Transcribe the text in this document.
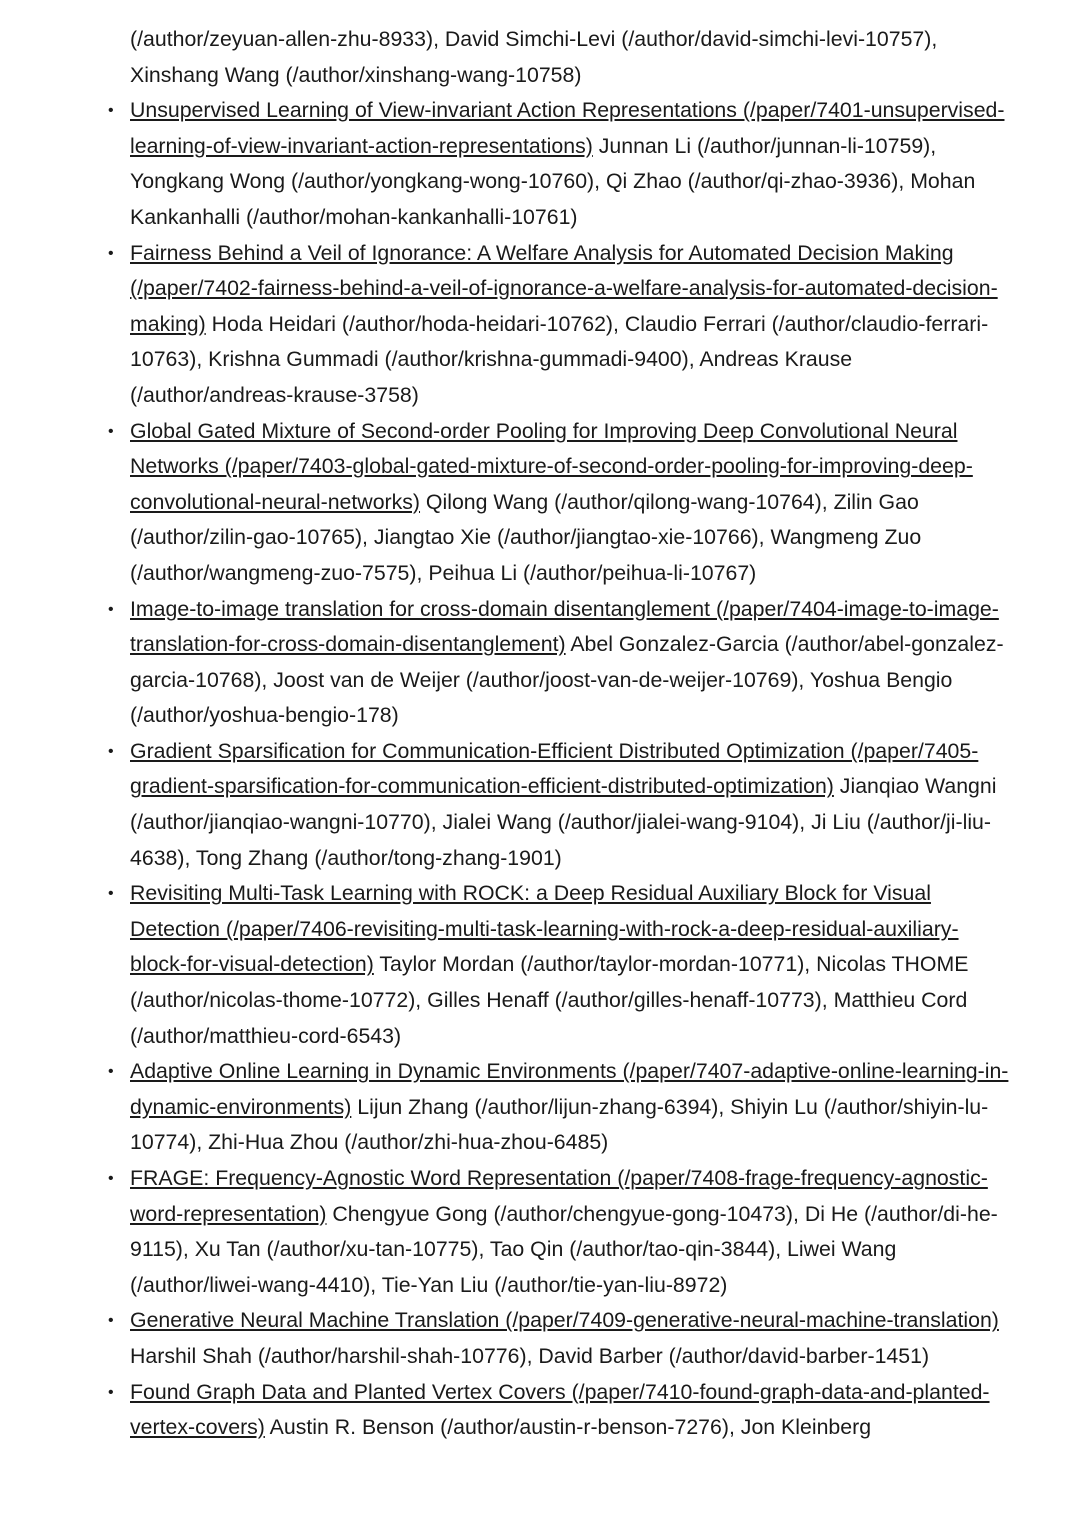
(/author/zeyuan-allen-zhu-8933), David Simchi-Levi (/author/david-simchi-levi-10757), Xinshang Wang (/author/xinshang-wang-10758)
• Unsupervised Learning of View-invariant Action Representations (/paper/7401-unsupervised-learning-of-view-invariant-action-representations) Junnan Li (/author/junnan-li-10759), Yongkang Wong (/author/yongkang-wong-10760), Qi Zhao (/author/qi-zhao-3936), Mohan Kankanhalli (/author/mohan-kankanhalli-10761)
• Fairness Behind a Veil of Ignorance: A Welfare Analysis for Automated Decision Making (/paper/7402-fairness-behind-a-veil-of-ignorance-a-welfare-analysis-for-automated-decision-making) Hoda Heidari (/author/hoda-heidari-10762), Claudio Ferrari (/author/claudio-ferrari-10763), Krishna Gummadi (/author/krishna-gummadi-9400), Andreas Krause (/author/andreas-krause-3758)
• Global Gated Mixture of Second-order Pooling for Improving Deep Convolutional Neural Networks (/paper/7403-global-gated-mixture-of-second-order-pooling-for-improving-deep-convolutional-neural-networks) Qilong Wang (/author/qilong-wang-10764), Zilin Gao (/author/zilin-gao-10765), Jiangtao Xie (/author/jiangtao-xie-10766), Wangmeng Zuo (/author/wangmeng-zuo-7575), Peihua Li (/author/peihua-li-10767)
• Image-to-image translation for cross-domain disentanglement (/paper/7404-image-to-image-translation-for-cross-domain-disentanglement) Abel Gonzalez-Garcia (/author/abel-gonzalez-garcia-10768), Joost van de Weijer (/author/joost-van-de-weijer-10769), Yoshua Bengio (/author/yoshua-bengio-178)
• Gradient Sparsification for Communication-Efficient Distributed Optimization (/paper/7405-gradient-sparsification-for-communication-efficient-distributed-optimization) Jianqiao Wangni (/author/jianqiao-wangni-10770), Jialei Wang (/author/jialei-wang-9104), Ji Liu (/author/ji-liu-4638), Tong Zhang (/author/tong-zhang-1901)
• Revisiting Multi-Task Learning with ROCK: a Deep Residual Auxiliary Block for Visual Detection (/paper/7406-revisiting-multi-task-learning-with-rock-a-deep-residual-auxiliary-block-for-visual-detection) Taylor Mordan (/author/taylor-mordan-10771), Nicolas THOME (/author/nicolas-thome-10772), Gilles Henaff (/author/gilles-henaff-10773), Matthieu Cord (/author/matthieu-cord-6543)
• Adaptive Online Learning in Dynamic Environments (/paper/7407-adaptive-online-learning-in-dynamic-environments) Lijun Zhang (/author/lijun-zhang-6394), Shiyin Lu (/author/shiyin-lu-10774), Zhi-Hua Zhou (/author/zhi-hua-zhou-6485)
• FRAGE: Frequency-Agnostic Word Representation (/paper/7408-frage-frequency-agnostic-word-representation) Chengyue Gong (/author/chengyue-gong-10473), Di He (/author/di-he-9115), Xu Tan (/author/xu-tan-10775), Tao Qin (/author/tao-qin-3844), Liwei Wang (/author/liwei-wang-4410), Tie-Yan Liu (/author/tie-yan-liu-8972)
• Generative Neural Machine Translation (/paper/7409-generative-neural-machine-translation) Harshil Shah (/author/harshil-shah-10776), David Barber (/author/david-barber-1451)
• Found Graph Data and Planted Vertex Covers (/paper/7410-found-graph-data-and-planted-vertex-covers) Austin R. Benson (/author/austin-r-benson-7276), Jon Kleinberg
